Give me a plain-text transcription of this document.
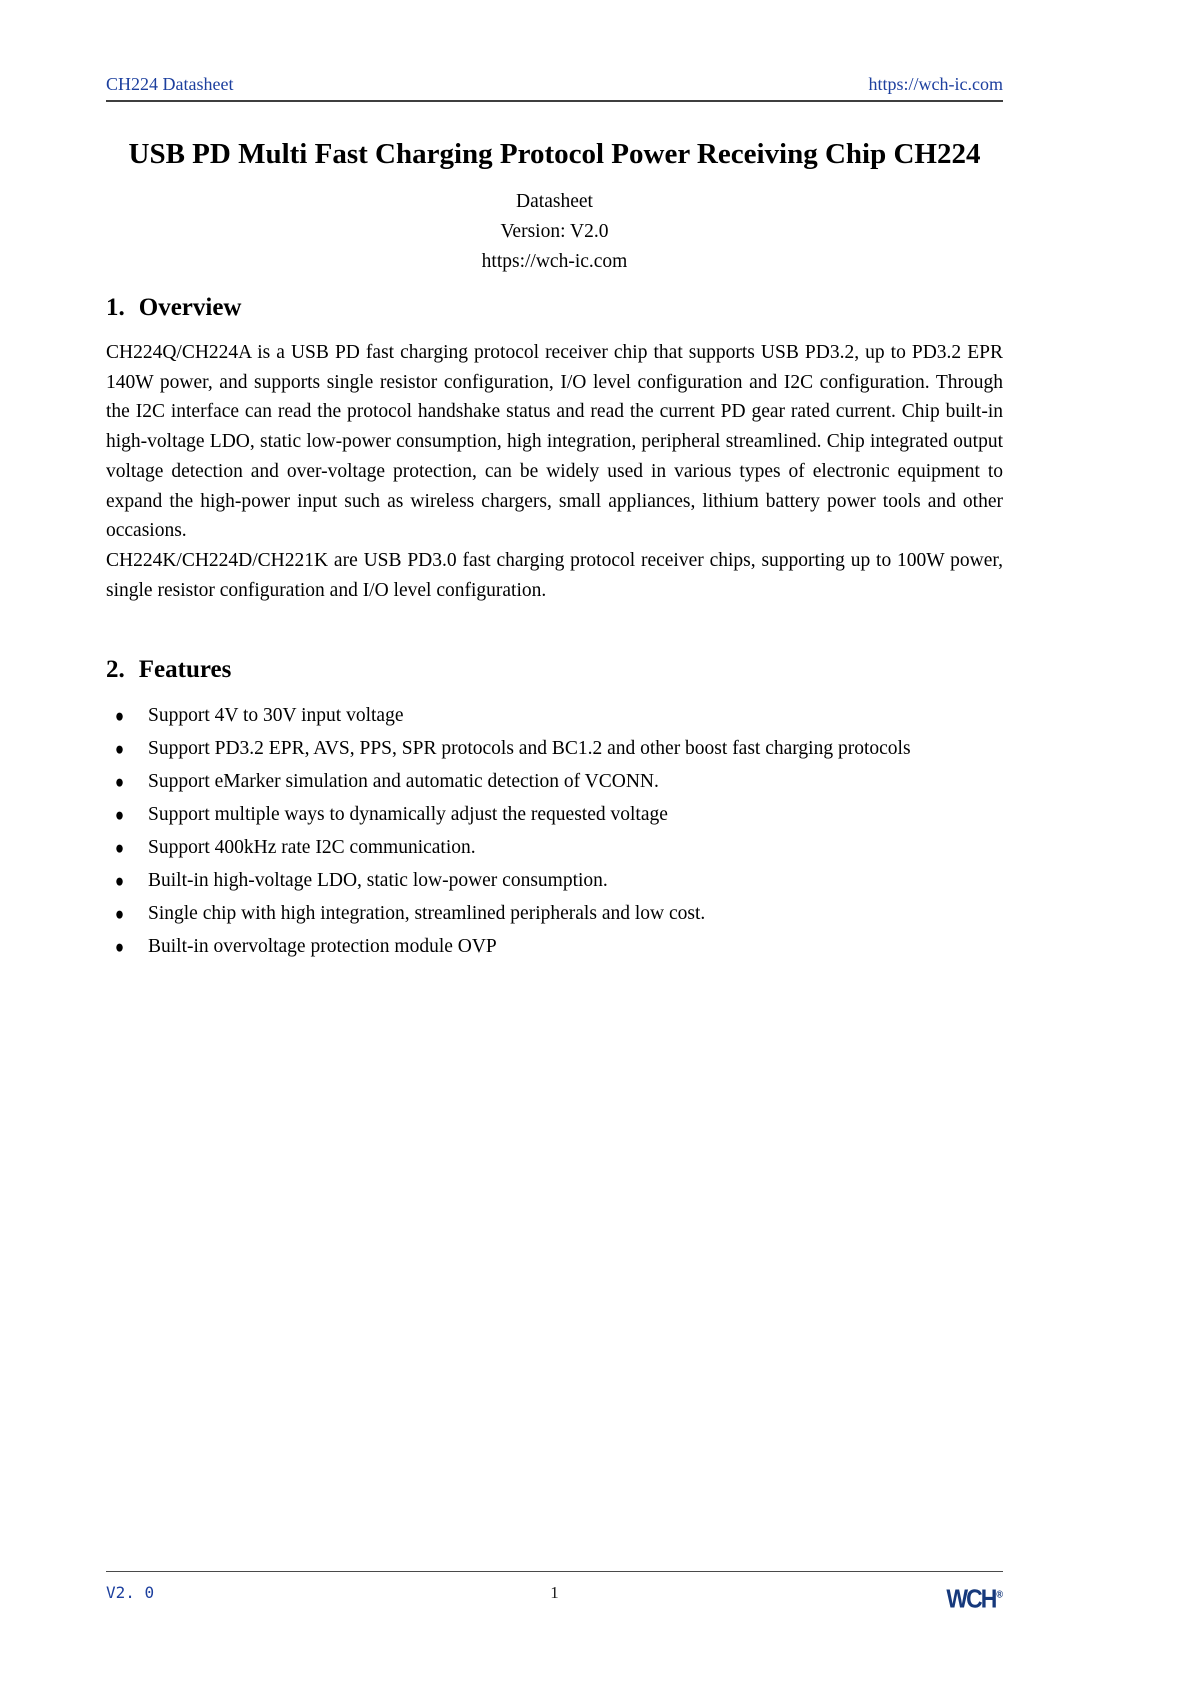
CH224 Datasheet	https://wch-ic.com
USB PD Multi Fast Charging Protocol Power Receiving Chip CH224
Datasheet
Version: V2.0
https://wch-ic.com
1. Overview

CH224Q/CH224A is a USB PD fast charging protocol receiver chip that supports USB PD3.2, up to PD3.2 EPR 140W power, and supports single resistor configuration, I/O level configuration and I2C configuration. Through the I2C interface can read the protocol handshake status and read the current PD gear rated current. Chip built-in high-voltage LDO, static low-power consumption, high integration, peripheral streamlined. Chip integrated output voltage detection and over-voltage protection, can be widely used in various types of electronic equipment to expand the high-power input such as wireless chargers, small appliances, lithium battery power tools and other occasions.

CH224K/CH224D/CH221K are USB PD3.0 fast charging protocol receiver chips, supporting up to 100W power, single resistor configuration and I/O level configuration.

2. Features
●	Support 4V to 30V input voltage
●	Support PD3.2 EPR, AVS, PPS, SPR protocols and BC1.2 and other boost fast charging protocols
●	Support eMarker simulation and automatic detection of VCONN.
●	Support multiple ways to dynamically adjust the requested voltage
●	Support 400kHz rate I2C communication.
●	Built-in high-voltage LDO, static low-power consumption.
●	Single chip with high integration, streamlined peripherals and low cost.
●	Built-in overvoltage protection module OVP
V2. 0	1	WCH®
